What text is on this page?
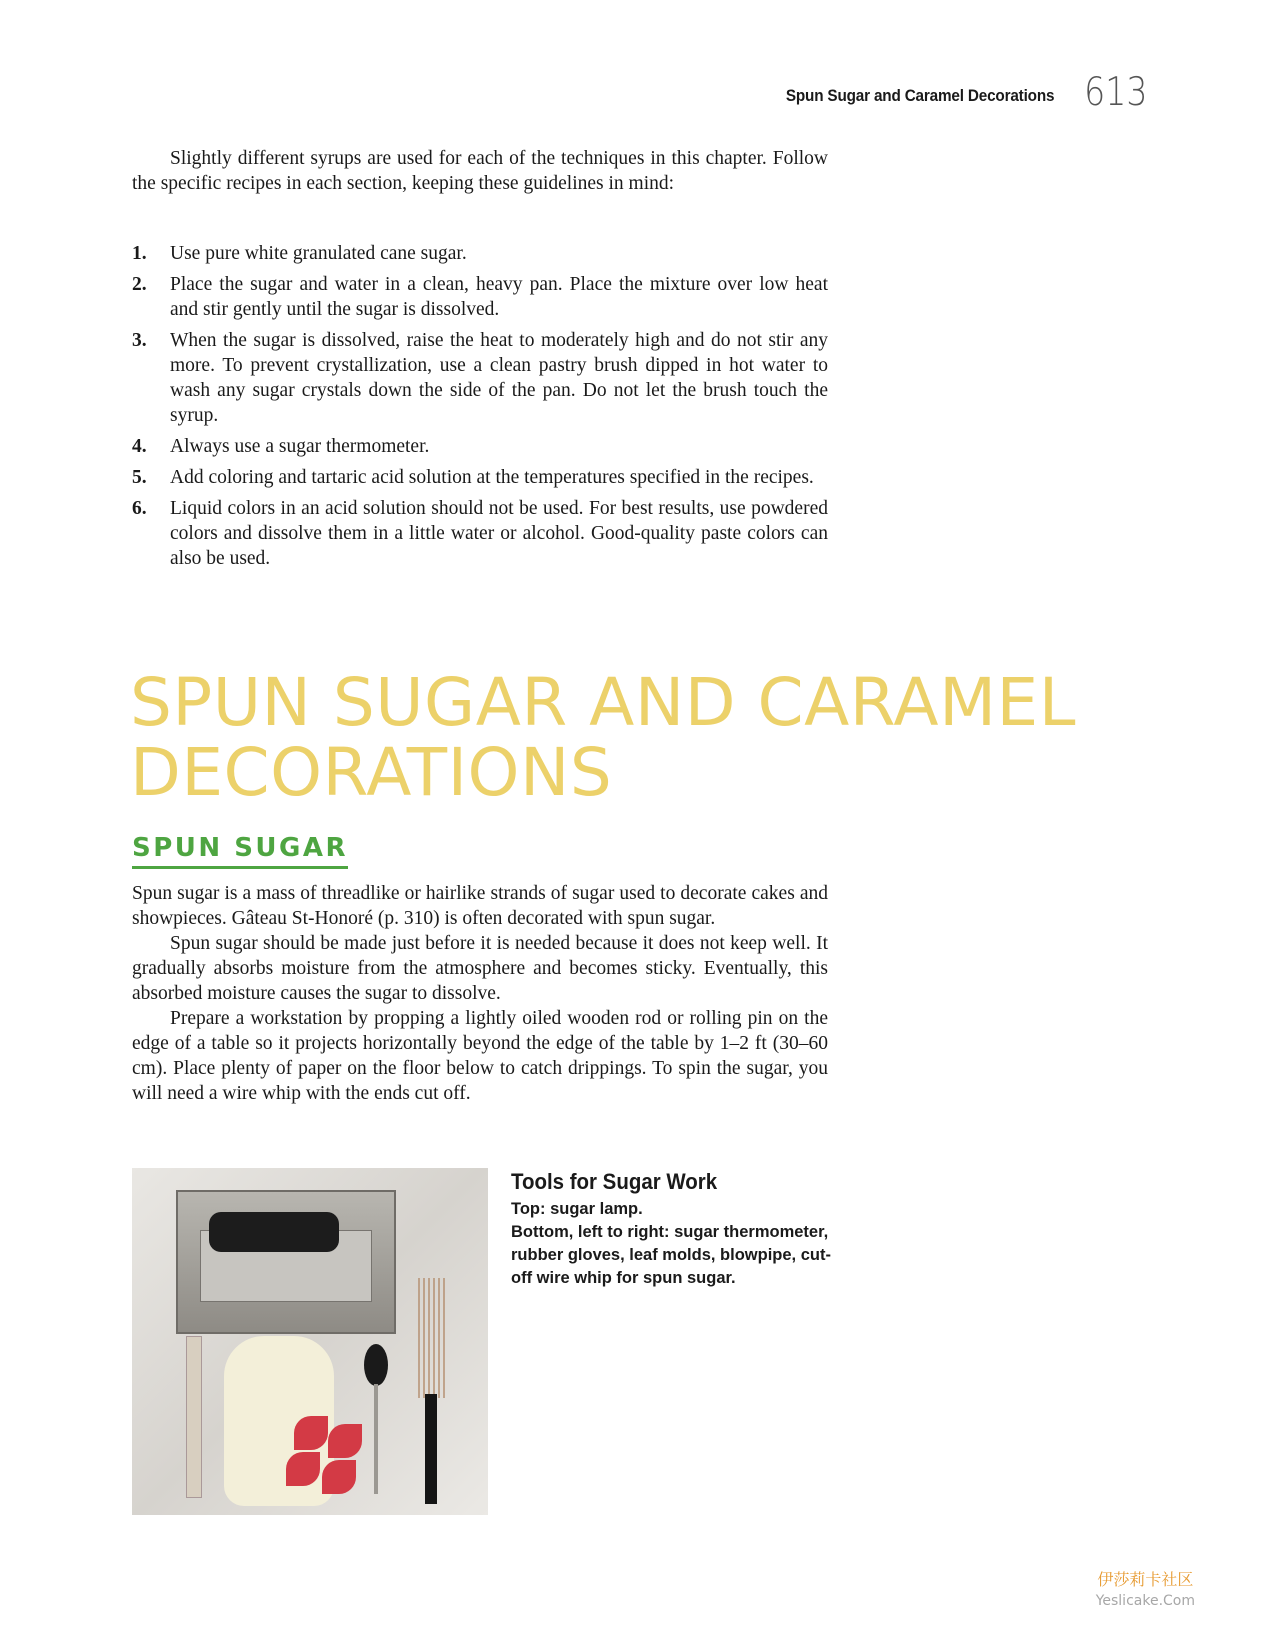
Spun Sugar and Caramel Decorations 613

Slightly different syrups are used for each of the techniques in this chapter. Follow the specific recipes in each section, keeping these guidelines in mind:

1. Use pure white granulated cane sugar.
2. Place the sugar and water in a clean, heavy pan. Place the mixture over low heat and stir gently until the sugar is dissolved.
3. When the sugar is dissolved, raise the heat to moderately high and do not stir any more. To prevent crystallization, use a clean pastry brush dipped in hot water to wash any sugar crystals down the side of the pan. Do not let the brush touch the syrup.
4. Always use a sugar thermometer.
5. Add coloring and tartaric acid solution at the temperatures specified in the recipes.
6. Liquid colors in an acid solution should not be used. For best results, use powdered colors and dissolve them in a little water or alcohol. Good-quality paste colors can also be used.
SPUN SUGAR AND CARAMEL
DECORATIONS
SPUN SUGAR

Spun sugar is a mass of threadlike or hairlike strands of sugar used to decorate cakes and showpieces. Gâteau St-Honoré (p. 310) is often decorated with spun sugar.

Spun sugar should be made just before it is needed because it does not keep well. It gradually absorbs moisture from the atmosphere and becomes sticky. Eventually, this absorbed moisture causes the sugar to dissolve.

Prepare a workstation by propping a lightly oiled wooden rod or rolling pin on the edge of a table so it projects horizontally beyond the edge of the table by 1–2 ft (30–60 cm). Place plenty of paper on the floor below to catch drippings. To spin the sugar, you will need a wire whip with the ends cut off.

Tools for Sugar Work

Top: sugar lamp.

Bottom, left to right: sugar thermometer, rubber gloves, leaf molds, blowpipe, cut-off wire whip for spun sugar.

伊莎莉卡社区
Yeslicake.Com
